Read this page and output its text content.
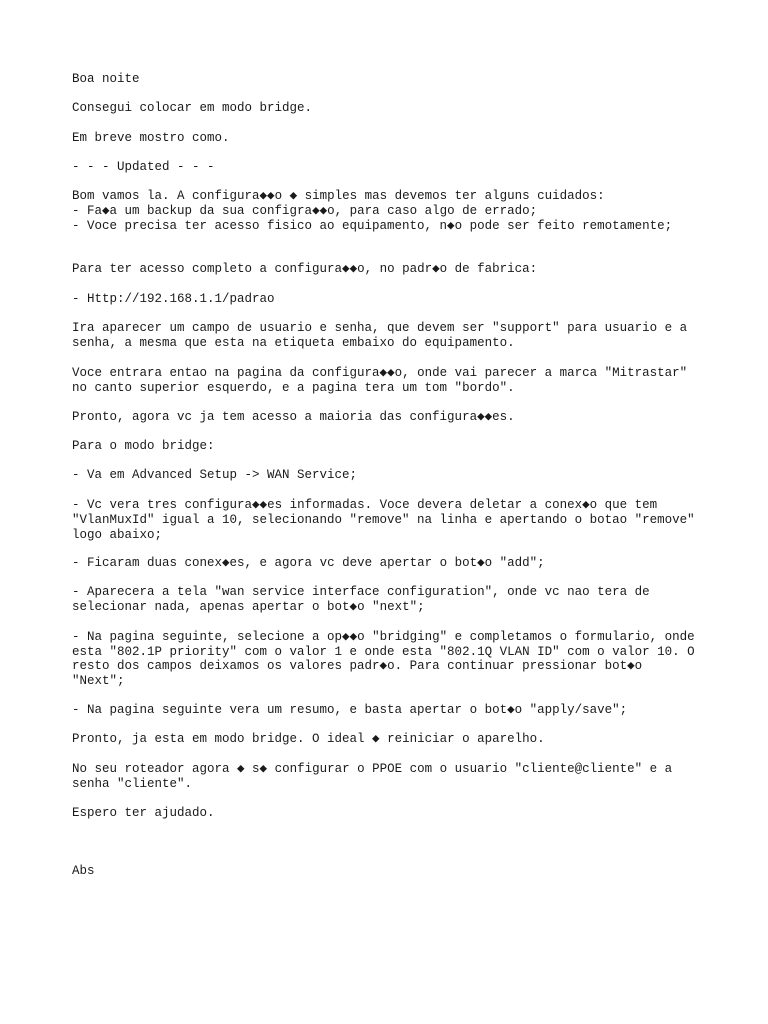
Boa noite

Consegui colocar em modo bridge.

Em breve mostro como.

- - - Updated - - -

Bom vamos la. A configura◆◆o ◆ simples mas devemos ter alguns cuidados:

- Fa◆a um backup da sua configra◆◆o, para caso algo de errado;

- Voce precisa ter acesso fisico ao equipamento, n◆o pode ser feito remotamente;

Para ter acesso completo a configura◆◆o, no padr◆o de fabrica:

- Http://192.168.1.1/padrao

Ira aparecer um campo de usuario e senha, que devem ser "support" para usuario e a

senha, a mesma que esta na etiqueta embaixo do equipamento.

Voce entrara entao na pagina da configura◆◆o, onde vai parecer a marca "Mitrastar"

no canto superior esquerdo, e a pagina tera um tom "bordo".

Pronto, agora vc ja tem acesso a maioria das configura◆◆es.

Para o modo bridge:

- Va em Advanced Setup -> WAN Service;

- Vc vera tres configura◆◆es informadas. Voce devera deletar a conex◆o que tem

"VlanMuxId" igual a 10, selecionando "remove" na linha e apertando o botao "remove"

logo abaixo;

- Ficaram duas conex◆es, e agora vc deve apertar o bot◆o "add";

- Aparecera a tela "wan service interface configuration", onde vc nao tera de

selecionar nada, apenas apertar o bot◆o "next";

- Na pagina seguinte, selecione a op◆◆o "bridging" e completamos o formulario, onde

esta "802.1P priority" com o valor 1 e onde esta "802.1Q VLAN ID" com o valor 10. O

resto dos campos deixamos os valores padr◆o. Para continuar pressionar bot◆o

"Next";

- Na pagina seguinte vera um resumo, e basta apertar o bot◆o "apply/save";

Pronto, ja esta em modo bridge. O ideal ◆ reiniciar o aparelho.

No seu roteador agora ◆ s◆ configurar o PPOE com o usuario "cliente@cliente" e a

senha "cliente".

Espero ter ajudado.

Abs
